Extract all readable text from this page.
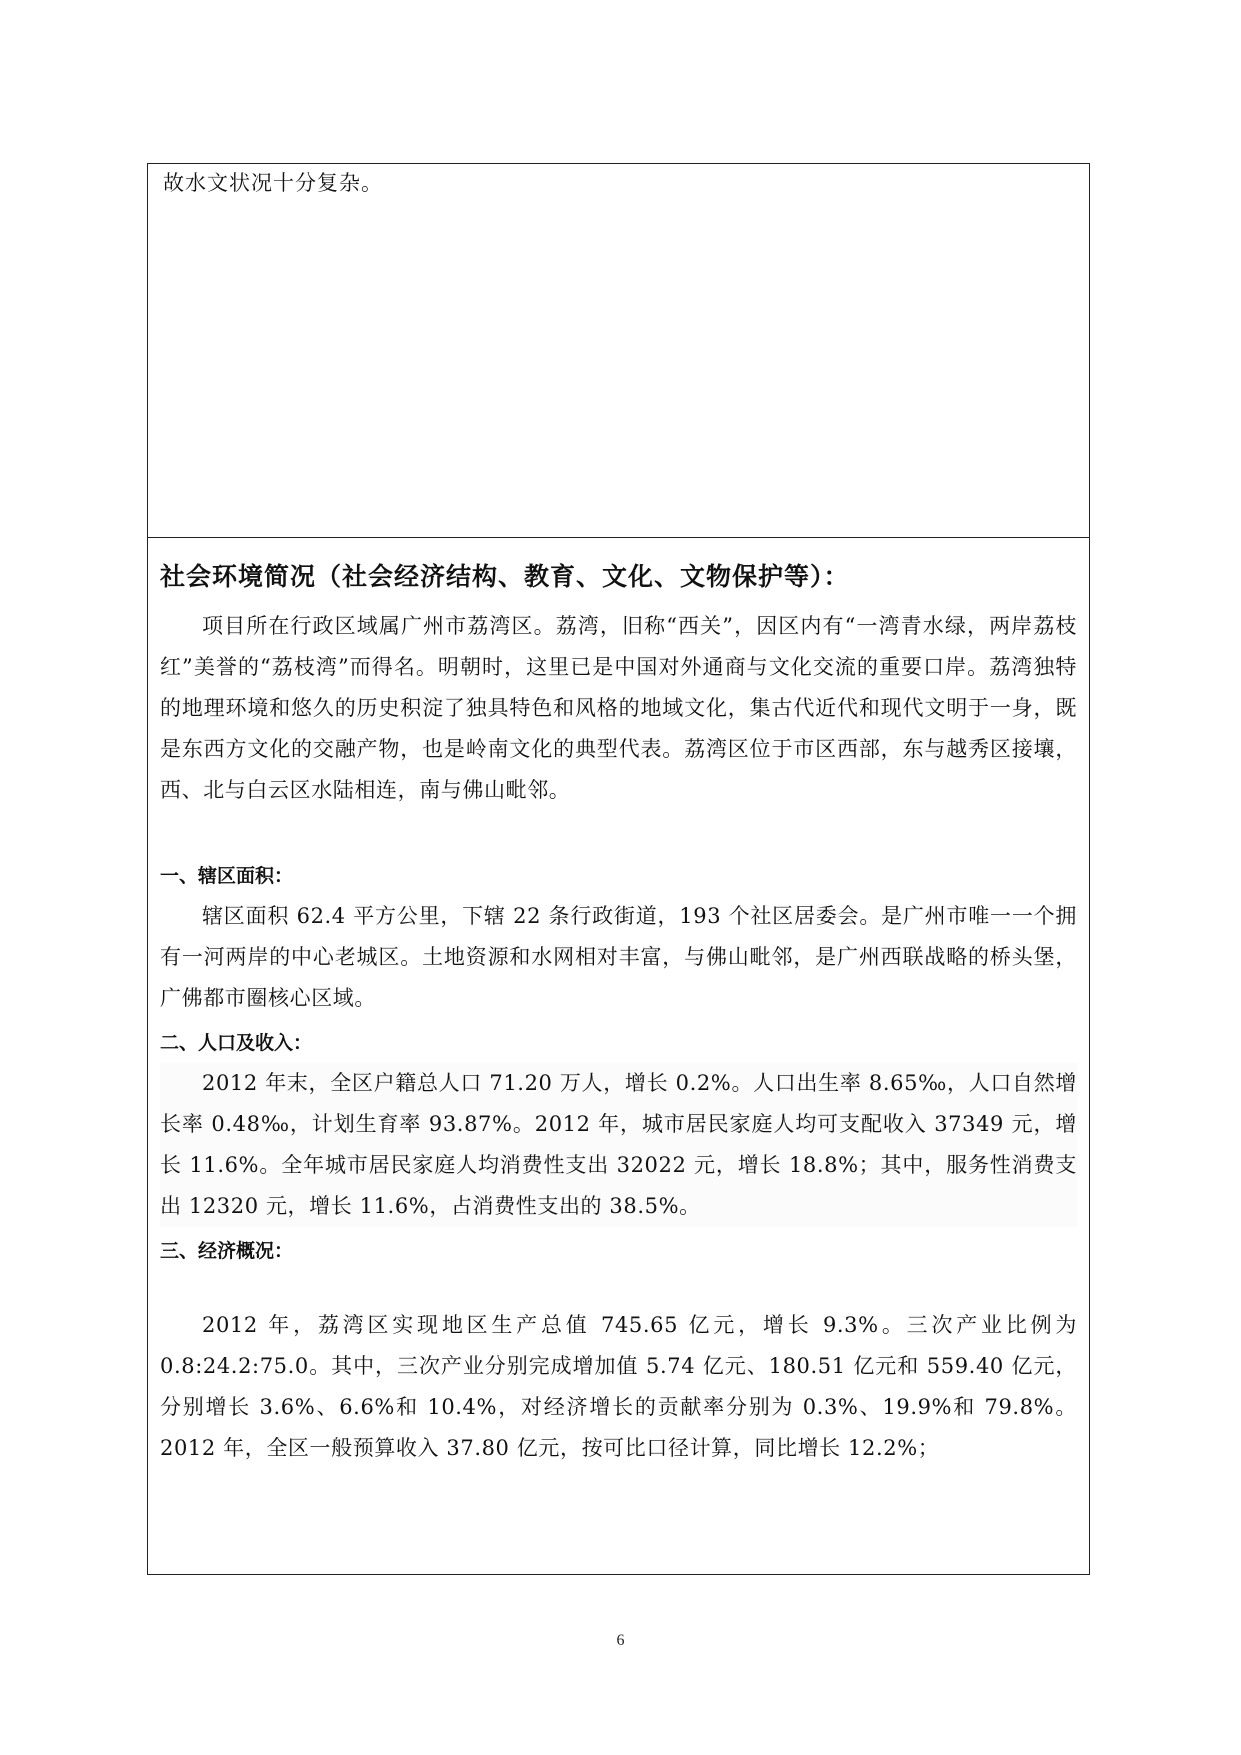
故水文状况十分复杂。
社会环境简况（社会经济结构、教育、文化、文物保护等）：

项目所在行政区域属广州市荔湾区。荔湾，旧称“西关”，因区内有“一湾青水绿，两岸荔枝红”美誉的“荔枝湾”而得名。明朝时，这里已是中国对外通商与文化交流的重要口岸。荔湾独特的地理环境和悠久的历史积淀了独具特色和风格的地域文化，集古代近代和现代文明于一身，既是东西方文化的交融产物，也是岭南文化的典型代表。荔湾区位于市区西部，东与越秀区接壤，西、北与白云区水陆相连，南与佛山毗邻。

一、辖区面积：

辖区面积 62.4 平方公里，下辖 22 条行政街道，193 个社区居委会。是广州市唯一一个拥有一河两岸的中心老城区。土地资源和水网相对丰富，与佛山毗邻，是广州西联战略的桥头堡，广佛都市圈核心区域。

二、人口及收入：

2012 年末，全区户籍总人口 71.20 万人，增长 0.2%。人口出生率 8.65‰，人口自然增长率 0.48‰，计划生育率 93.87%。2012 年，城市居民家庭人均可支配收入 37349 元，增长 11.6%。全年城市居民家庭人均消费性支出 32022 元，增长 18.8%；其中，服务性消费支出 12320 元，增长 11.6%，占消费性支出的 38.5%。

三、经济概况：

2012 年，荔湾区实现地区生产总值 745.65 亿元，增长 9.3%。三次产业比例为 0.8:24.2:75.0。其中，三次产业分别完成增加值 5.74 亿元、180.51 亿元和 559.40 亿元，分别增长 3.6%、6.6%和 10.4%，对经济增长的贡献率分别为 0.3%、19.9%和 79.8%。2012 年，全区一般预算收入 37.80 亿元，按可比口径计算，同比增长 12.2%；

6
